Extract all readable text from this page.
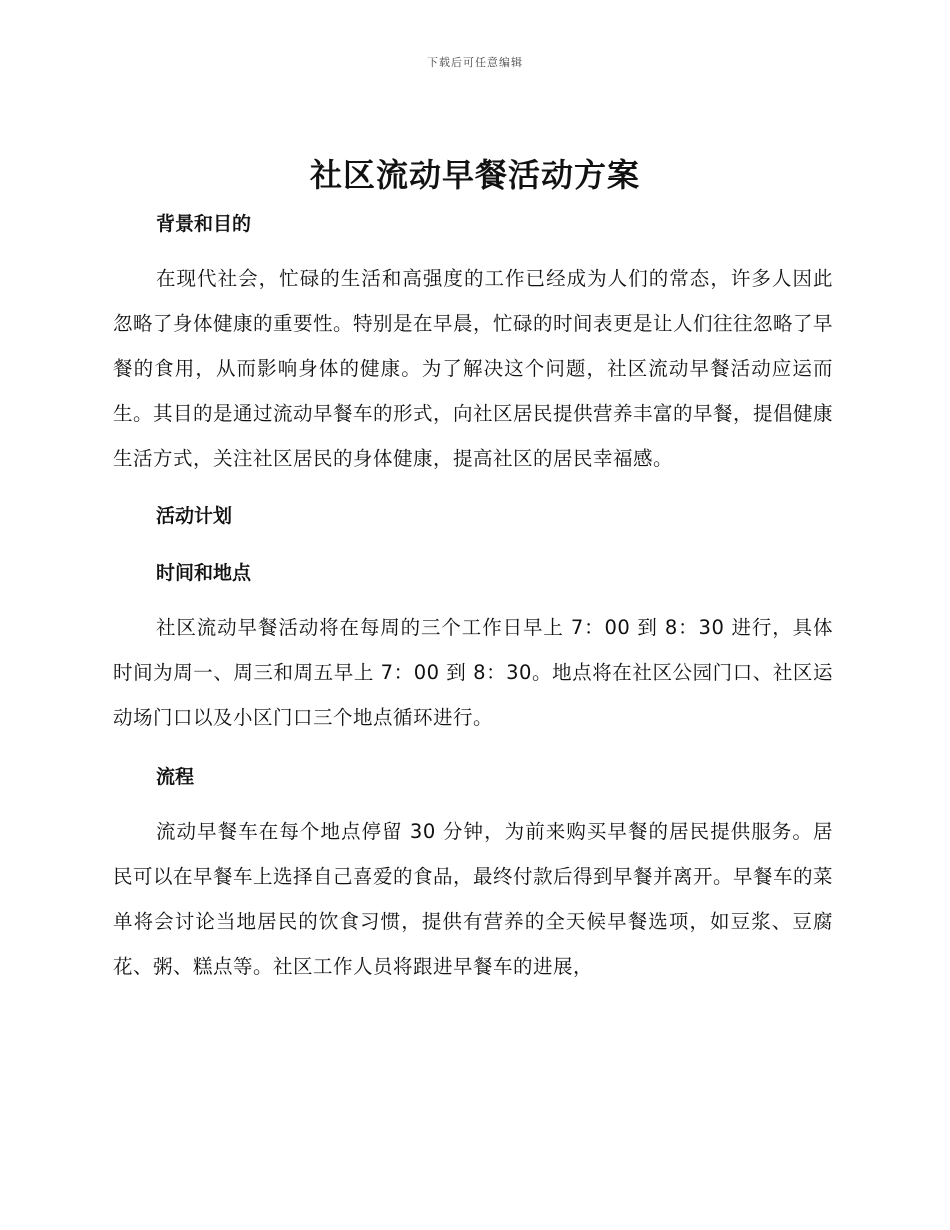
下载后可任意编辑
社区流动早餐活动方案
背景和目的

在现代社会，忙碌的生活和高强度的工作已经成为人们的常态，许多人因此忽略了身体健康的重要性。特别是在早晨，忙碌的时间表更是让人们往往忽略了早餐的食用，从而影响身体的健康。为了解决这个问题，社区流动早餐活动应运而生。其目的是通过流动早餐车的形式，向社区居民提供营养丰富的早餐，提倡健康生活方式，关注社区居民的身体健康，提高社区的居民幸福感。

活动计划
时间和地点

社区流动早餐活动将在每周的三个工作日早上 7：00 到 8：30 进行，具体时间为周一、周三和周五早上 7：00 到 8：30。地点将在社区公园门口、社区运动场门口以及小区门口三个地点循环进行。

流程

流动早餐车在每个地点停留 30 分钟，为前来购买早餐的居民提供服务。居民可以在早餐车上选择自己喜爱的食品，最终付款后得到早餐并离开。早餐车的菜单将会讨论当地居民的饮食习惯，提供有营养的全天候早餐选项，如豆浆、豆腐花、粥、糕点等。社区工作人员将跟进早餐车的进展，
